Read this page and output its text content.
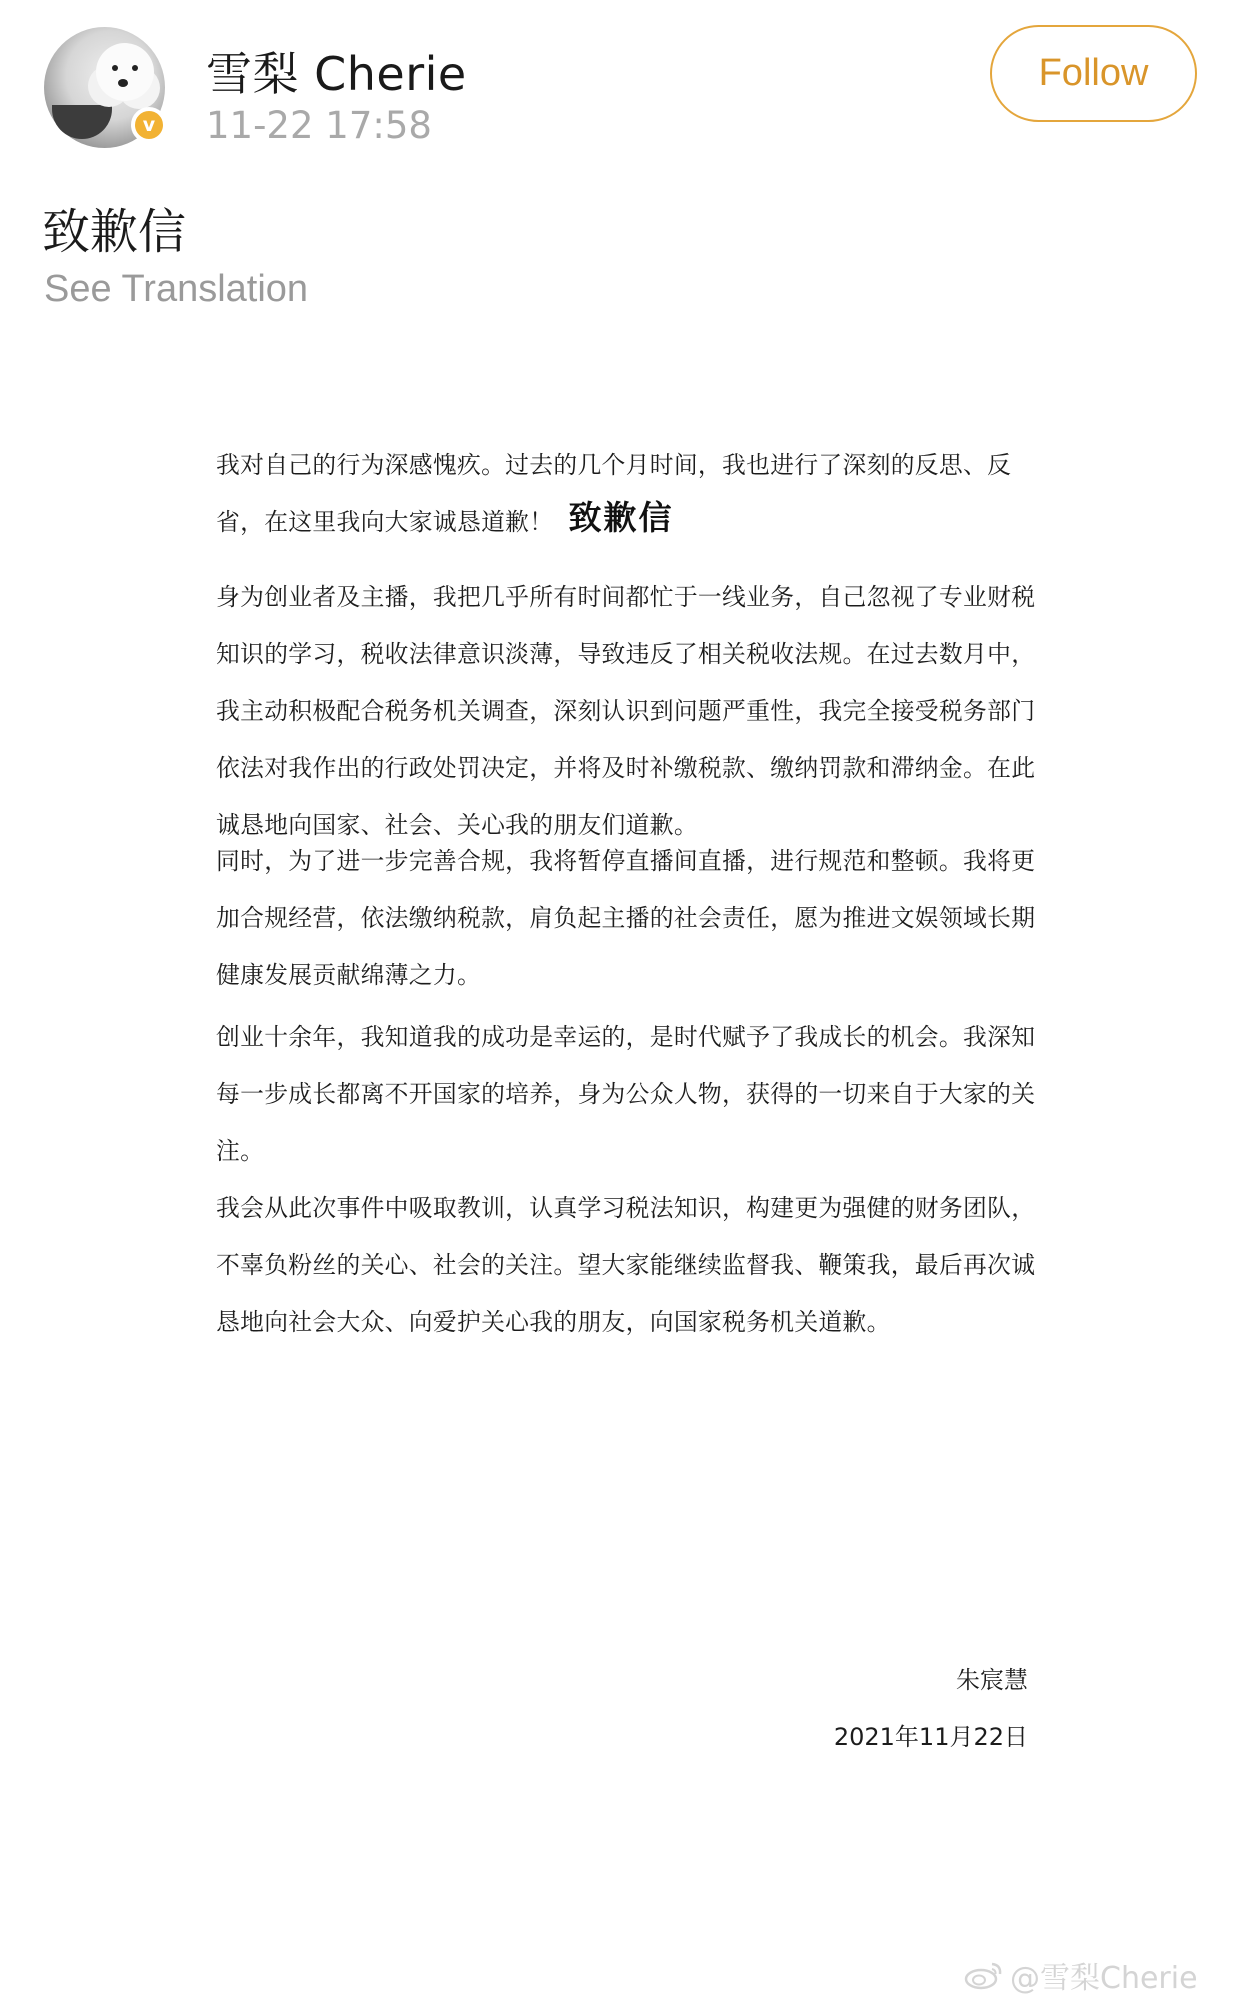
v
雪梨 Cherie
11-22 17:58
Follow
致歉信
See Translation
致歉信
朱宸慧
2021年11月22日
@雪梨Cherie
我对自己的行为深感愧疚。过去的几个月时间，我也进行了深刻的反思、反
省，在这里我向大家诚恳道歉！
身为创业者及主播，我把几乎所有时间都忙于一线业务，自己忽视了专业财税
知识的学习，税收法律意识淡薄，导致违反了相关税收法规。在过去数月中，
我主动积极配合税务机关调查，深刻认识到问题严重性，我完全接受税务部门
依法对我作出的行政处罚决定，并将及时补缴税款、缴纳罚款和滞纳金。在此
诚恳地向国家、社会、关心我的朋友们道歉。
同时，为了进一步完善合规，我将暂停直播间直播，进行规范和整顿。我将更
加合规经营，依法缴纳税款，肩负起主播的社会责任，愿为推进文娱领域长期
健康发展贡献绵薄之力。
创业十余年，我知道我的成功是幸运的，是时代赋予了我成长的机会。我深知
每一步成长都离不开国家的培养，身为公众人物，获得的一切来自于大家的关
注。
我会从此次事件中吸取教训，认真学习税法知识，构建更为强健的财务团队，
不辜负粉丝的关心、社会的关注。望大家能继续监督我、鞭策我，最后再次诚
恳地向社会大众、向爱护关心我的朋友，向国家税务机关道歉。
